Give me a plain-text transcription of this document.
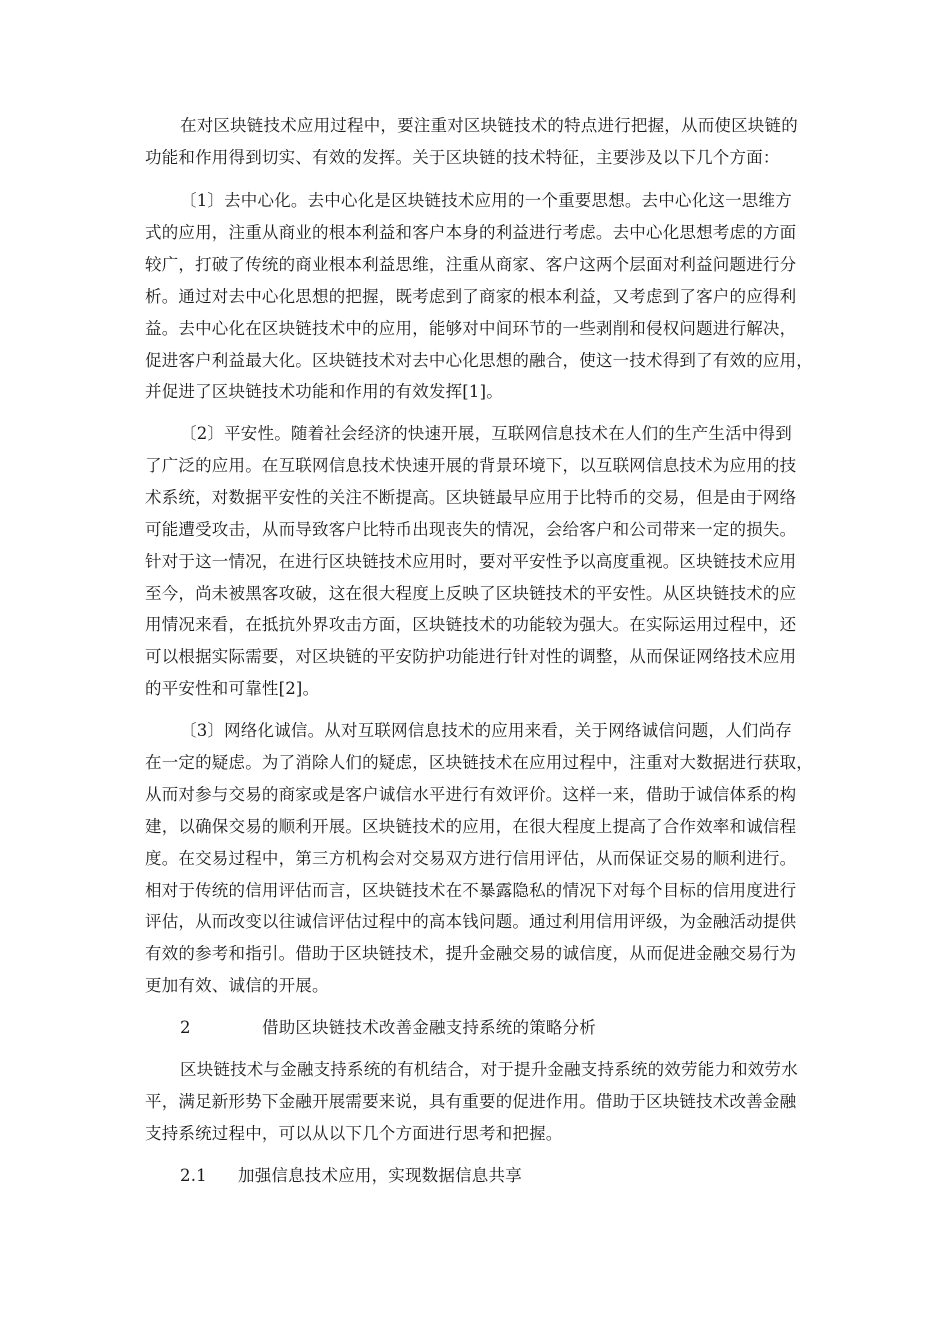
在对区块链技术应用过程中，要注重对区块链技术的特点进行把握，从而使区块链的
功能和作用得到切实、有效的发挥。关于区块链的技术特征，主要涉及以下几个方面：
〔1〕去中心化。去中心化是区块链技术应用的一个重要思想。去中心化这一思维方
式的应用，注重从商业的根本利益和客户本身的利益进行考虑。去中心化思想考虑的方面
较广，打破了传统的商业根本利益思维，注重从商家、客户这两个层面对利益问题进行分
析。通过对去中心化思想的把握，既考虑到了商家的根本利益，又考虑到了客户的应得利
益。去中心化在区块链技术中的应用，能够对中间环节的一些剥削和侵权问题进行解决，
促进客户利益最大化。区块链技术对去中心化思想的融合，使这一技术得到了有效的应用，
并促进了区块链技术功能和作用的有效发挥[1]。
〔2〕平安性。随着社会经济的快速开展，互联网信息技术在人们的生产生活中得到
了广泛的应用。在互联网信息技术快速开展的背景环境下，以互联网信息技术为应用的技
术系统，对数据平安性的关注不断提高。区块链最早应用于比特币的交易，但是由于网络
可能遭受攻击，从而导致客户比特币出现丧失的情况，会给客户和公司带来一定的损失。
针对于这一情况，在进行区块链技术应用时，要对平安性予以高度重视。区块链技术应用
至今，尚未被黑客攻破，这在很大程度上反映了区块链技术的平安性。从区块链技术的应
用情况来看，在抵抗外界攻击方面，区块链技术的功能较为强大。在实际运用过程中，还
可以根据实际需要，对区块链的平安防护功能进行针对性的调整，从而保证网络技术应用
的平安性和可靠性[2]。
〔3〕网络化诚信。从对互联网信息技术的应用来看，关于网络诚信问题，人们尚存
在一定的疑虑。为了消除人们的疑虑，区块链技术在应用过程中，注重对大数据进行获取，
从而对参与交易的商家或是客户诚信水平进行有效评价。这样一来，借助于诚信体系的构
建，以确保交易的顺利开展。区块链技术的应用，在很大程度上提高了合作效率和诚信程
度。在交易过程中，第三方机构会对交易双方进行信用评估，从而保证交易的顺利进行。
相对于传统的信用评估而言，区块链技术在不暴露隐私的情况下对每个目标的信用度进行
评估，从而改变以往诚信评估过程中的高本钱问题。通过利用信用评级，为金融活动提供
有效的参考和指引。借助于区块链技术，提升金融交易的诚信度，从而促进金融交易行为
更加有效、诚信的开展。
2	借助区块链技术改善金融支持系统的策略分析
区块链技术与金融支持系统的有机结合，对于提升金融支持系统的效劳能力和效劳水
平，满足新形势下金融开展需要来说，具有重要的促进作用。借助于区块链技术改善金融
支持系统过程中，可以从以下几个方面进行思考和把握。
2.1 加强信息技术应用，实现数据信息共享
